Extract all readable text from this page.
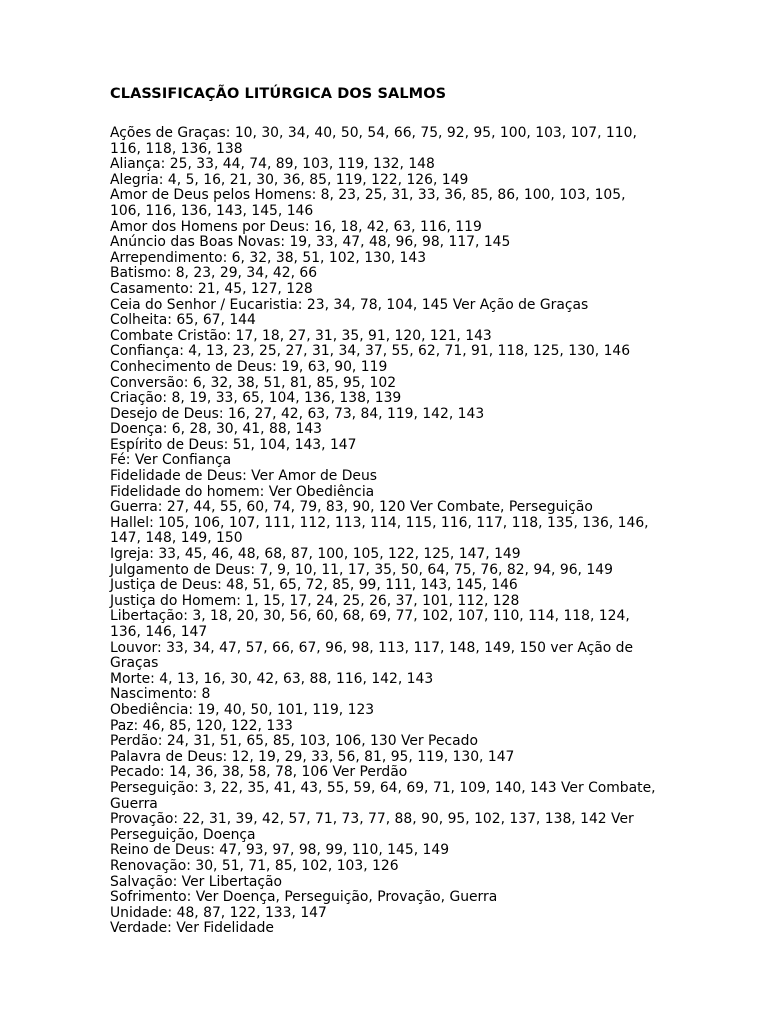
CLASSIFICAÇÃO LITÚRGICA DOS SALMOS
Ações de Graças: 10, 30, 34, 40, 50, 54, 66, 75, 92, 95, 100, 103, 107, 110, 116, 118, 136, 138
Aliança: 25, 33, 44, 74, 89, 103, 119, 132, 148
Alegria: 4, 5, 16, 21, 30, 36, 85, 119, 122, 126, 149
Amor de Deus pelos Homens: 8, 23, 25, 31, 33, 36, 85, 86, 100, 103, 105, 106, 116, 136, 143, 145, 146
Amor dos Homens por Deus: 16, 18, 42, 63, 116, 119
Anúncio das Boas Novas: 19, 33, 47, 48, 96, 98, 117, 145
Arrependimento: 6, 32, 38, 51, 102, 130, 143
Batismo: 8, 23, 29, 34, 42, 66
Casamento: 21, 45, 127, 128
Ceia do Senhor / Eucaristia: 23, 34, 78, 104, 145 Ver Ação de Graças
Colheita: 65, 67, 144
Combate Cristão: 17, 18, 27, 31, 35, 91, 120, 121, 143
Confiança: 4, 13, 23, 25, 27, 31, 34, 37, 55, 62, 71, 91, 118, 125, 130, 146
Conhecimento de Deus: 19, 63, 90, 119
Conversão: 6, 32, 38, 51, 81, 85, 95, 102
Criação: 8, 19, 33, 65, 104, 136, 138, 139
Desejo de Deus: 16, 27, 42, 63, 73, 84, 119, 142, 143
Doença: 6, 28, 30, 41, 88, 143
Espírito de Deus: 51, 104, 143, 147
Fé: Ver Confiança
Fidelidade de Deus: Ver Amor de Deus
Fidelidade do homem: Ver Obediência
Guerra: 27, 44, 55, 60, 74, 79, 83, 90, 120 Ver Combate, Perseguição
Hallel: 105, 106, 107, 111, 112, 113, 114, 115, 116, 117, 118, 135, 136, 146, 147, 148, 149, 150
Igreja: 33, 45, 46, 48, 68, 87, 100, 105, 122, 125, 147, 149
Julgamento de Deus: 7, 9, 10, 11, 17, 35, 50, 64, 75, 76, 82, 94, 96, 149
Justiça de Deus: 48, 51, 65, 72, 85, 99, 111, 143, 145, 146
Justiça do Homem: 1, 15, 17, 24, 25, 26, 37, 101, 112, 128
Libertação: 3, 18, 20, 30, 56, 60, 68, 69, 77, 102, 107, 110, 114, 118, 124, 136, 146, 147
Louvor: 33, 34, 47, 57, 66, 67, 96, 98, 113, 117, 148, 149, 150 ver Ação de Graças
Morte: 4, 13, 16, 30, 42, 63, 88, 116, 142, 143
Nascimento: 8
Obediência: 19, 40, 50, 101, 119, 123
Paz: 46, 85, 120, 122, 133
Perdão: 24, 31, 51, 65, 85, 103, 106, 130 Ver Pecado
Palavra de Deus: 12, 19, 29, 33, 56, 81, 95, 119, 130, 147
Pecado: 14, 36, 38, 58, 78, 106 Ver Perdão
Perseguição: 3, 22, 35, 41, 43, 55, 59, 64, 69, 71, 109, 140, 143 Ver Combate, Guerra
Provação: 22, 31, 39, 42, 57, 71, 73, 77, 88, 90, 95, 102, 137, 138, 142 Ver Perseguição, Doença
Reino de Deus: 47, 93, 97, 98, 99, 110, 145, 149
Renovação: 30, 51, 71, 85, 102, 103, 126
Salvação: Ver Libertação
Sofrimento: Ver Doença, Perseguição, Provação, Guerra
Unidade: 48, 87, 122, 133, 147
Verdade: Ver Fidelidade
